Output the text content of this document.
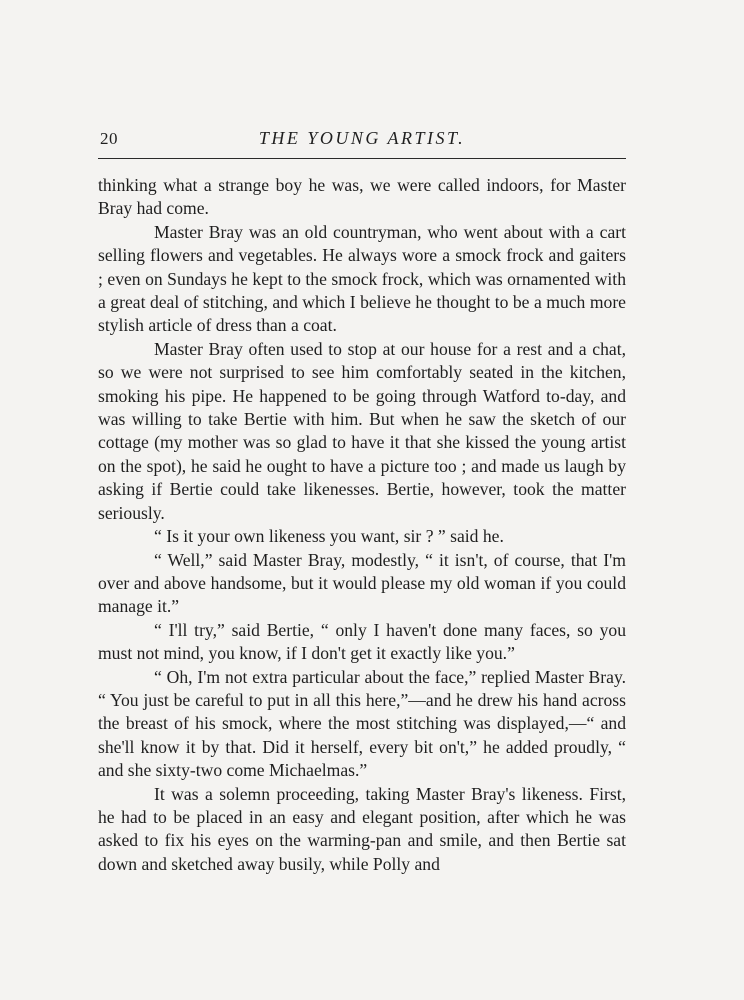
20	THE YOUNG ARTIST.

thinking what a strange boy he was, we were called indoors, for Master Bray had come.

Master Bray was an old countryman, who went about with a cart selling flowers and vegetables. He always wore a smock frock and gaiters ; even on Sundays he kept to the smock frock, which was ornamented with a great deal of stitching, and which I believe he thought to be a much more stylish article of dress than a coat.

Master Bray often used to stop at our house for a rest and a chat, so we were not surprised to see him comfortably seated in the kitchen, smoking his pipe. He happened to be going through Watford to-day, and was willing to take Bertie with him. But when he saw the sketch of our cottage (my mother was so glad to have it that she kissed the young artist on the spot), he said he ought to have a picture too ; and made us laugh by asking if Bertie could take likenesses. Bertie, however, took the matter seriously.

“ Is it your own likeness you want, sir ? ” said he.

“ Well,” said Master Bray, modestly, “ it isn't, of course, that I'm over and above handsome, but it would please my old woman if you could manage it.”

“ I'll try,” said Bertie, “ only I haven't done many faces, so you must not mind, you know, if I don't get it exactly like you.”

“ Oh, I'm not extra particular about the face,” replied Master Bray. “ You just be careful to put in all this here,”—and he drew his hand across the breast of his smock, where the most stitching was displayed,—“ and she'll know it by that. Did it herself, every bit on't,” he added proudly, “ and she sixty-two come Michaelmas.”

It was a solemn proceeding, taking Master Bray's likeness. First, he had to be placed in an easy and elegant position, after which he was asked to fix his eyes on the warming-pan and smile, and then Bertie sat down and sketched away busily, while Polly and
